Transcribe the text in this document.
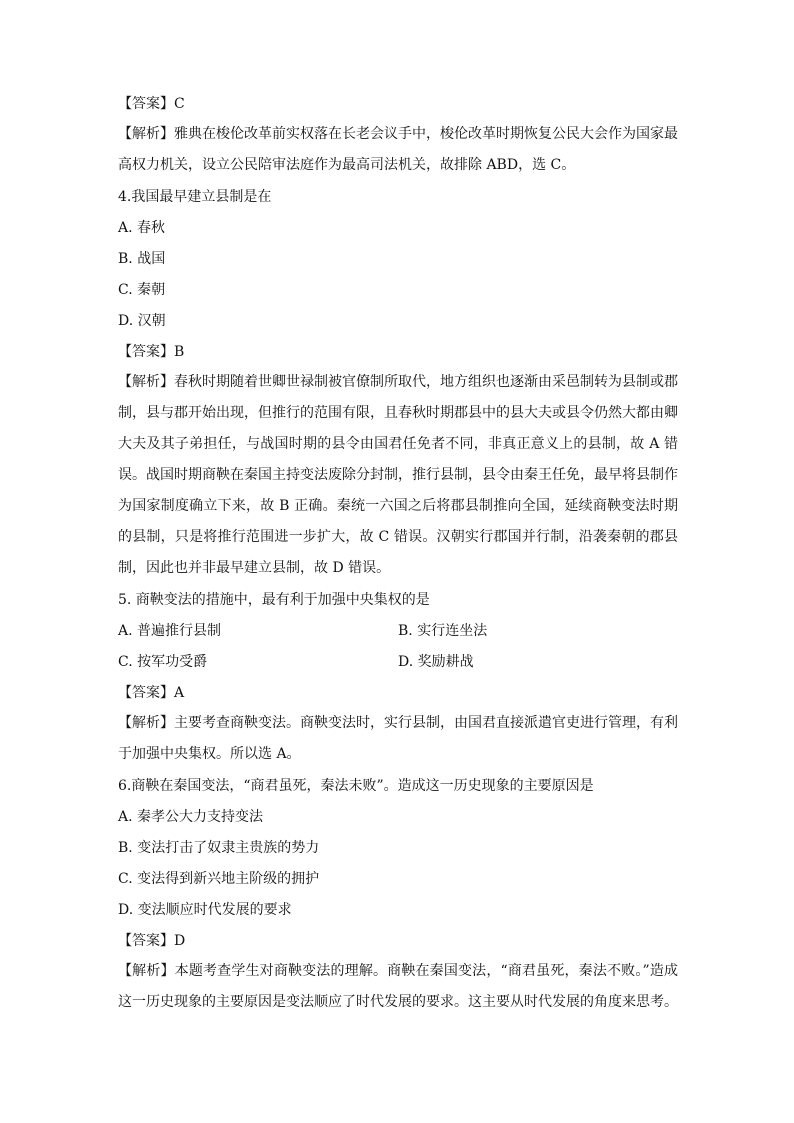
【答案】C
【解析】雅典在梭伦改革前实权落在长老会议手中，梭伦改革时期恢复公民大会作为国家最高权力机关，设立公民陪审法庭作为最高司法机关，故排除 ABD，选 C。
4.我国最早建立县制是在
A. 春秋
B. 战国
C. 秦朝
D. 汉朝
【答案】B
【解析】春秋时期随着世卿世禄制被官僚制所取代，地方组织也逐渐由采邑制转为县制或郡制，县与郡开始出现，但推行的范围有限，且春秋时期郡县中的县大夫或县令仍然大都由卿大夫及其子弟担任，与战国时期的县令由国君任免者不同，非真正意义上的县制，故 A 错误。战国时期商鞅在秦国主持变法废除分封制，推行县制，县令由秦王任免，最早将县制作为国家制度确立下来，故 B 正确。秦统一六国之后将郡县制推向全国，延续商鞅变法时期的县制，只是将推行范围进一步扩大，故 C 错误。汉朝实行郡国并行制，沿袭秦朝的郡县制，因此也并非最早建立县制，故 D 错误。
5. 商鞅变法的措施中，最有利于加强中央集权的是
A. 普遍推行县制	B. 实行连坐法
C. 按军功受爵	D. 奖励耕战
【答案】A
【解析】主要考查商鞅变法。商鞅变法时，实行县制，由国君直接派遣官吏进行管理，有利于加强中央集权。所以选 A。
6.商鞅在秦国变法，“商君虽死，秦法未败”。造成这一历史现象的主要原因是
A. 秦孝公大力支持变法
B. 变法打击了奴隶主贵族的势力
C. 变法得到新兴地主阶级的拥护
D. 变法顺应时代发展的要求
【答案】D
【解析】本题考查学生对商鞅变法的理解。商鞅在秦国变法，“商君虽死，秦法不败。”造成这一历史现象的主要原因是变法顺应了时代发展的要求。这主要从时代发展的角度来思考。
